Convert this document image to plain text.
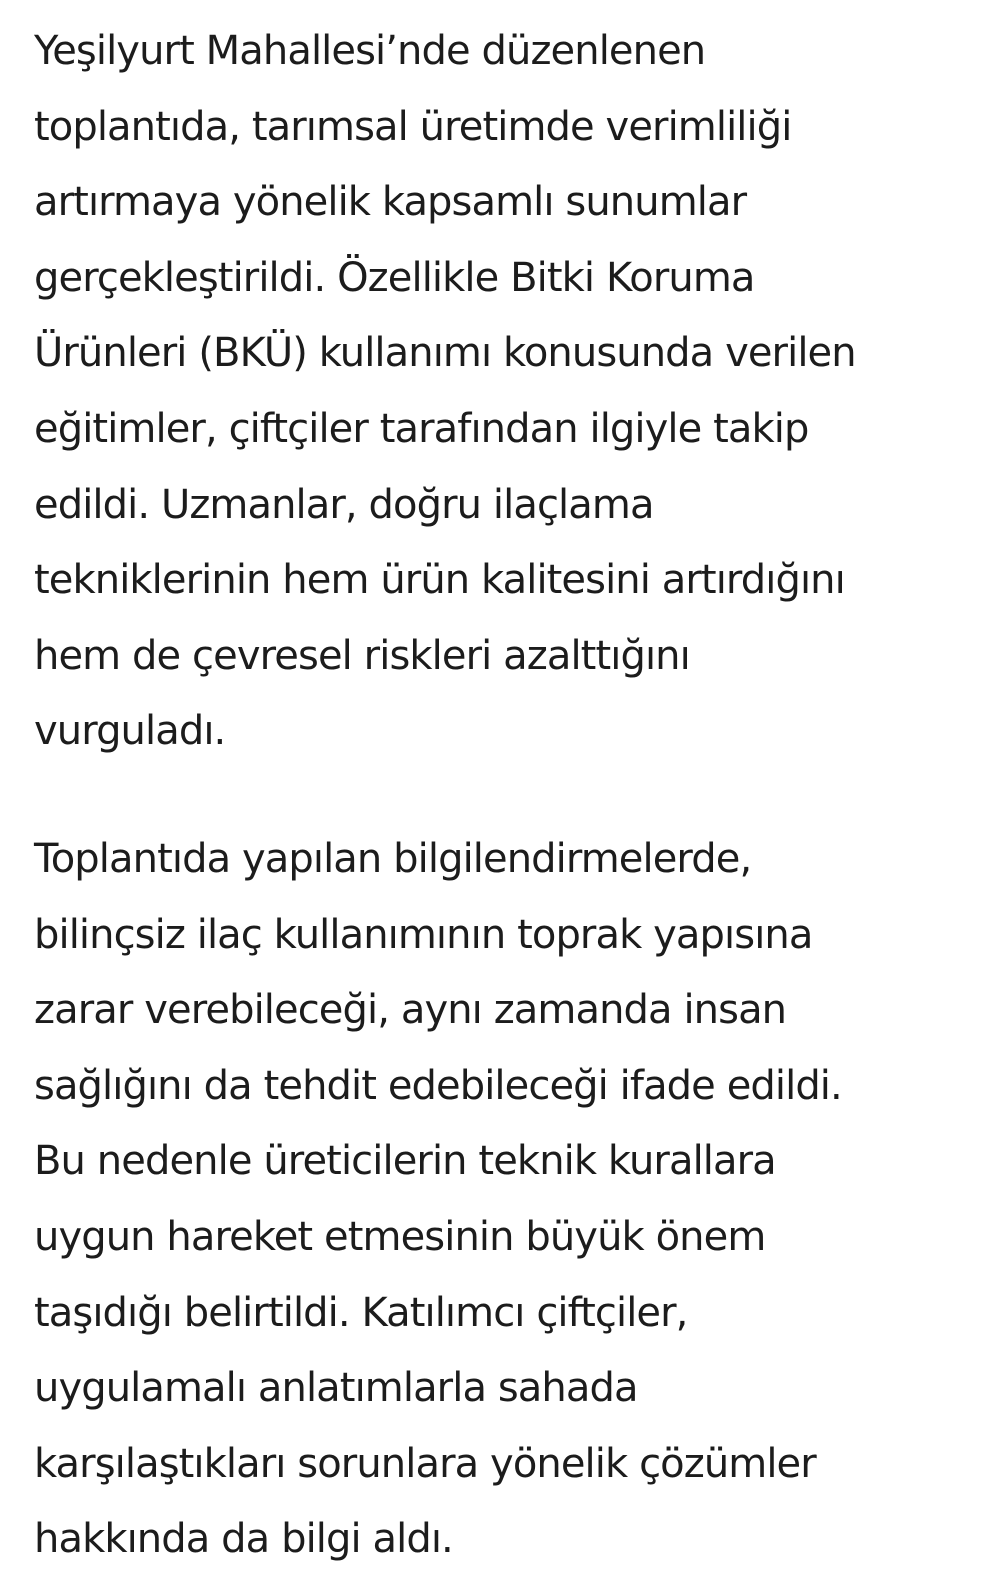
Yeşilyurt Mahallesi’nde düzenlenen
toplantıda, tarımsal üretimde verimliliği
artırmaya yönelik kapsamlı sunumlar
gerçekleştirildi. Özellikle Bitki Koruma
Ürünleri (BKÜ) kullanımı konusunda verilen
eğitimler, çiftçiler tarafından ilgiyle takip
edildi. Uzmanlar, doğru ilaçlama
tekniklerinin hem ürün kalitesini artırdığını
hem de çevresel riskleri azalttığını
vurguladı.

Toplantıda yapılan bilgilendirmelerde,
bilinçsiz ilaç kullanımının toprak yapısına
zarar verebileceği, aynı zamanda insan
sağlığını da tehdit edebileceği ifade edildi.
Bu nedenle üreticilerin teknik kurallara
uygun hareket etmesinin büyük önem
taşıdığı belirtildi. Katılımcı çiftçiler,
uygulamalı anlatımlarla sahada
karşılaştıkları sorunlara yönelik çözümler
hakkında da bilgi aldı.
